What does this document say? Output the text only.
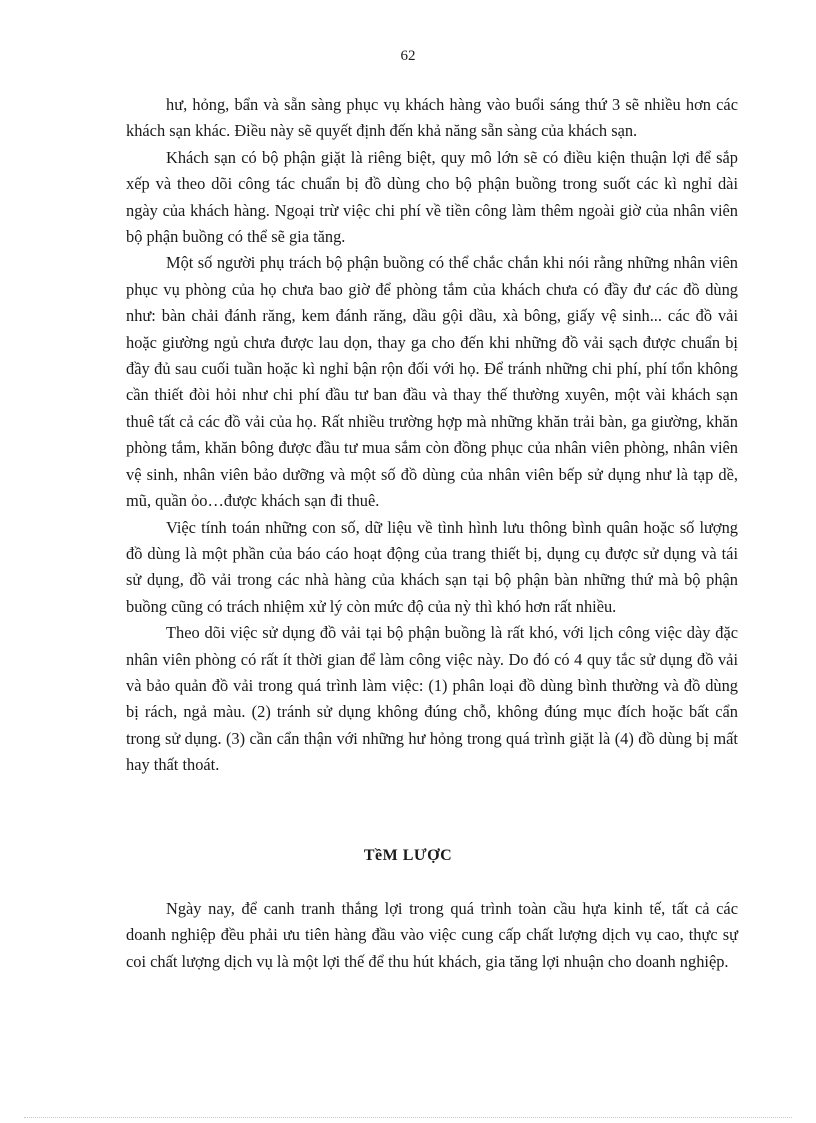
62

hư, hỏng, bẩn và sẵn sàng phục vụ khách hàng vào buổi sáng thứ 3 sẽ nhiều hơn các khách sạn khác. Điều này sẽ quyết định đến khả năng sẵn sàng của khách sạn.

Khách sạn có bộ phận giặt là riêng biệt, quy mô lớn sẽ có điều kiện thuận lợi để sắp xếp và theo dõi công tác chuẩn bị đồ dùng cho bộ phận buồng trong suốt các kì nghỉ dài ngày của khách hàng. Ngoại trừ việc chi phí về tiền công làm thêm ngoài giờ của nhân viên bộ phận buồng có thể sẽ gia tăng.

Một số người phụ trách bộ phận buồng có thể chắc chắn khi nói rằng những nhân viên phục vụ phòng của họ chưa bao giờ để phòng tắm của khách chưa có đầy đư các đồ dùng như: bàn chải đánh răng, kem đánh răng, dầu gội dầu, xà bông, giấy vệ sinh... các đồ vải hoặc giường ngủ chưa được lau dọn, thay ga cho đến khi những đồ vải sạch được chuẩn bị đầy đủ sau cuối tuần hoặc kì nghỉ bận rộn đối với họ. Để tránh những chi phí, phí tổn không cần thiết đòi hỏi như chi phí đầu tư ban đầu và thay thế thường xuyên, một vài khách sạn thuê tất cả các đồ vải của họ. Rất nhiều trường hợp mà những khăn trải bàn, ga giường, khăn phòng tắm, khăn bông được đầu tư mua sắm còn đồng phục của nhân viên phòng, nhân viên vệ sinh, nhân viên bảo dưỡng và một số đồ dùng của nhân viên bếp sử dụng như là tạp dề, mũ, quần ỏo…được khách sạn đi thuê.

Việc tính toán những con số, dữ liệu về tình hình lưu thông bình quân hoặc số lượng đồ dùng là một phần của báo cáo hoạt động của trang thiết bị, dụng cụ được sử dụng và tái sử dụng, đồ vải trong các nhà hàng của khách sạn tại bộ phận bàn những thứ mà bộ phận buồng cũng có trách nhiệm xử lý còn mức độ của nỳ thì khó hơn rất nhiều.

Theo dõi việc sử dụng đồ vải tại bộ phận buồng là rất khó, với lịch công việc dày đặc nhân viên phòng có rất ít thời gian để làm công việc này. Do đó có 4 quy tắc sử dụng đồ vải và bảo quản đồ vải trong quá trình làm việc: (1) phân loại đồ dùng bình thường và đồ dùng bị rách, ngả màu. (2) tránh sử dụng không đúng chỗ, không đúng mục đích hoặc bất cẩn trong sử dụng. (3) cần cẩn thận với những hư hỏng trong quá trình giặt là (4) đồ dùng bị mất hay thất thoát.

TềM LƯỢC

Ngày nay, để canh tranh thắng lợi trong quá trình toàn cầu hựa kinh tế, tất cả các doanh nghiệp đều phải ưu tiên hàng đầu vào việc cung cấp chất lượng dịch vụ cao, thực sự coi chất lượng dịch vụ là một lợi thế để thu hút khách, gia tăng lợi nhuận cho doanh nghiệp.
